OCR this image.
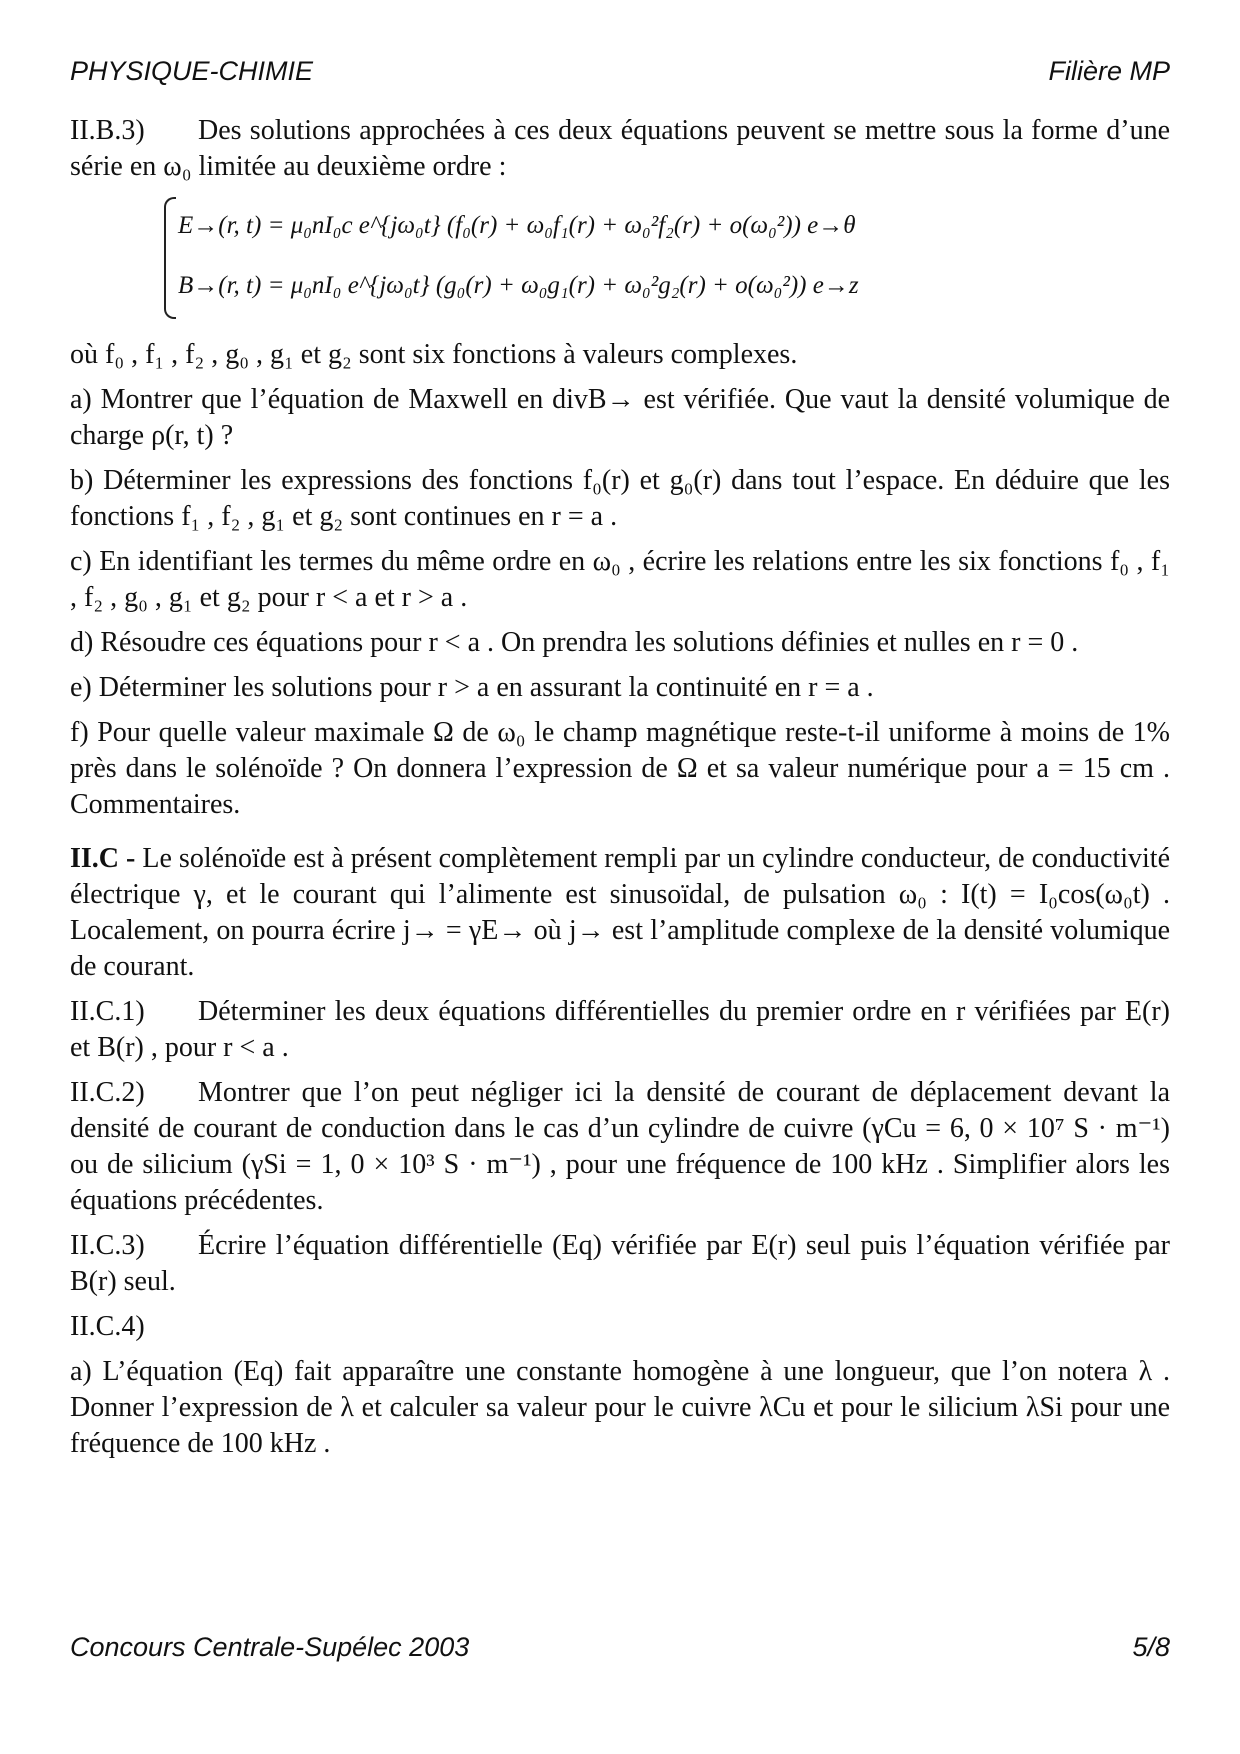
PHYSIQUE-CHIMIE	Filière MP

II.B.3) Des solutions approchées à ces deux équations peuvent se mettre sous la forme d’une série en ω₀ limitée au deuxième ordre :

E→(r, t) = μ₀nI₀c e^{jω₀t} (f₀(r) + ω₀f₁(r) + ω₀²f₂(r) + o(ω₀²)) e→θ
B→(r, t) = μ₀nI₀ e^{jω₀t} (g₀(r) + ω₀g₁(r) + ω₀²g₂(r) + o(ω₀²)) e→z

où f₀ , f₁ , f₂ , g₀ , g₁ et g₂ sont six fonctions à valeurs complexes.

a) Montrer que l’équation de Maxwell en divB→ est vérifiée. Que vaut la densité volumique de charge ρ(r, t) ?

b) Déterminer les expressions des fonctions f₀(r) et g₀(r) dans tout l’espace. En déduire que les fonctions f₁ , f₂ , g₁ et g₂ sont continues en r = a .

c) En identifiant les termes du même ordre en ω₀ , écrire les relations entre les six fonctions f₀ , f₁ , f₂ , g₀ , g₁ et g₂ pour r < a et r > a .

d) Résoudre ces équations pour r < a . On prendra les solutions définies et nulles en r = 0 .

e) Déterminer les solutions pour r > a en assurant la continuité en r = a .

f) Pour quelle valeur maximale Ω de ω₀ le champ magnétique reste-t-il uniforme à moins de 1% près dans le solénoïde ? On donnera l’expression de Ω et sa valeur numérique pour a = 15 cm . Commentaires.

II.C - Le solénoïde est à présent complètement rempli par un cylindre conducteur, de conductivité électrique γ, et le courant qui l’alimente est sinusoïdal, de pulsation ω₀ : I(t) = I₀cos(ω₀t) . Localement, on pourra écrire j→ = γE→ où j→ est l’amplitude complexe de la densité volumique de courant.

II.C.1) Déterminer les deux équations différentielles du premier ordre en r vérifiées par E(r) et B(r) , pour r < a .

II.C.2) Montrer que l’on peut négliger ici la densité de courant de déplacement devant la densité de courant de conduction dans le cas d’un cylindre de cuivre (γCu = 6, 0 × 10⁷ S · m⁻¹) ou de silicium (γSi = 1, 0 × 10³ S · m⁻¹) , pour une fréquence de 100 kHz . Simplifier alors les équations précédentes.

II.C.3) Écrire l’équation différentielle (Eq) vérifiée par E(r) seul puis l’équation vérifiée par B(r) seul.

II.C.4)

a) L’équation (Eq) fait apparaître une constante homogène à une longueur, que l’on notera λ . Donner l’expression de λ et calculer sa valeur pour le cuivre λCu et pour le silicium λSi pour une fréquence de 100 kHz .

Concours Centrale-Supélec 2003	5/8
